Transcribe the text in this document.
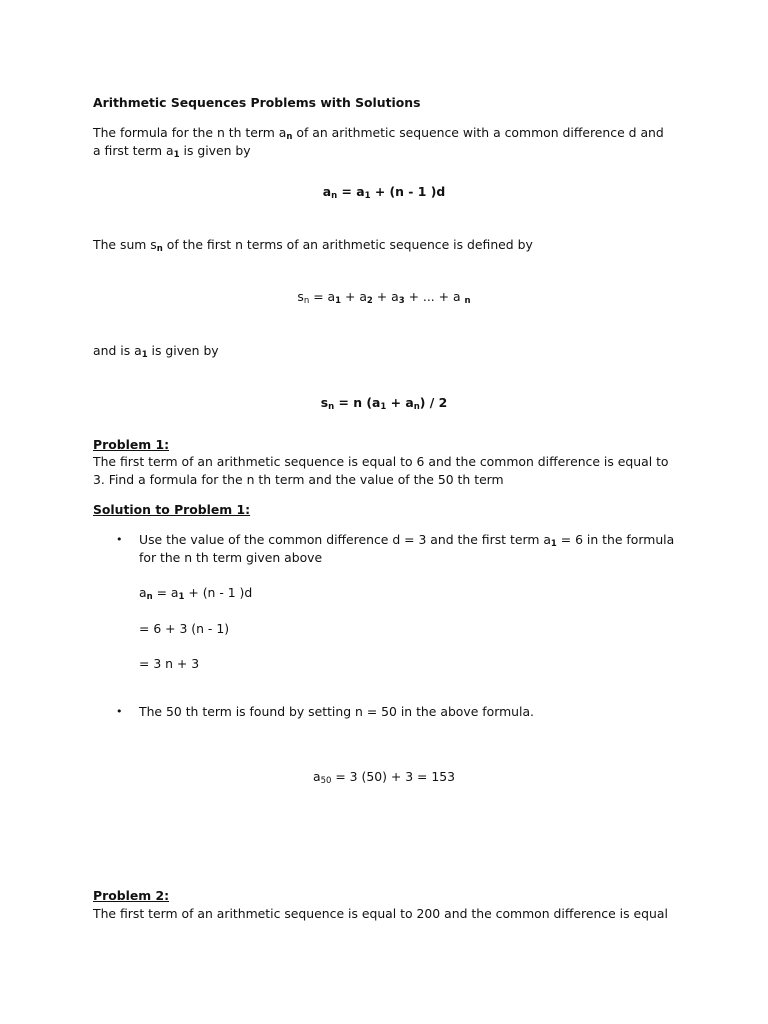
Arithmetic Sequences Problems with Solutions
The formula for the n th term $a_n$ of an arithmetic sequence with a common difference d and
a first term $a_1$ is given by
$a_n = a_1 + (n - 1$ )d
The sum $s_n$ of the first n terms of an arithmetic sequence is defined by
$s_n = a_1 + a_2 + a_3$ + ... + a $_n$
and is $a_1$ is given by
$s_n = n$ $(a_1 + a_n) / 2$
Problem 1:
The first term of an arithmetic sequence is equal to 6 and the common difference is equal to
3. Find a formula for the n th term and the value of the 50 th term
Solution to Problem 1:
• Use the value of the common difference d = 3 and the first term $a_1 = 6$ in the formula
for the n th term given above
$a_n = a_1 + (n - 1$ )d
= 6 + 3 (n - 1)
= 3 n + 3
• The 50 th term is found by setting n = 50 in the above formula.
$a_{50} = 3$ (50) + 3 = 153
Problem 2:
The first term of an arithmetic sequence is equal to 200 and the common difference is equal
